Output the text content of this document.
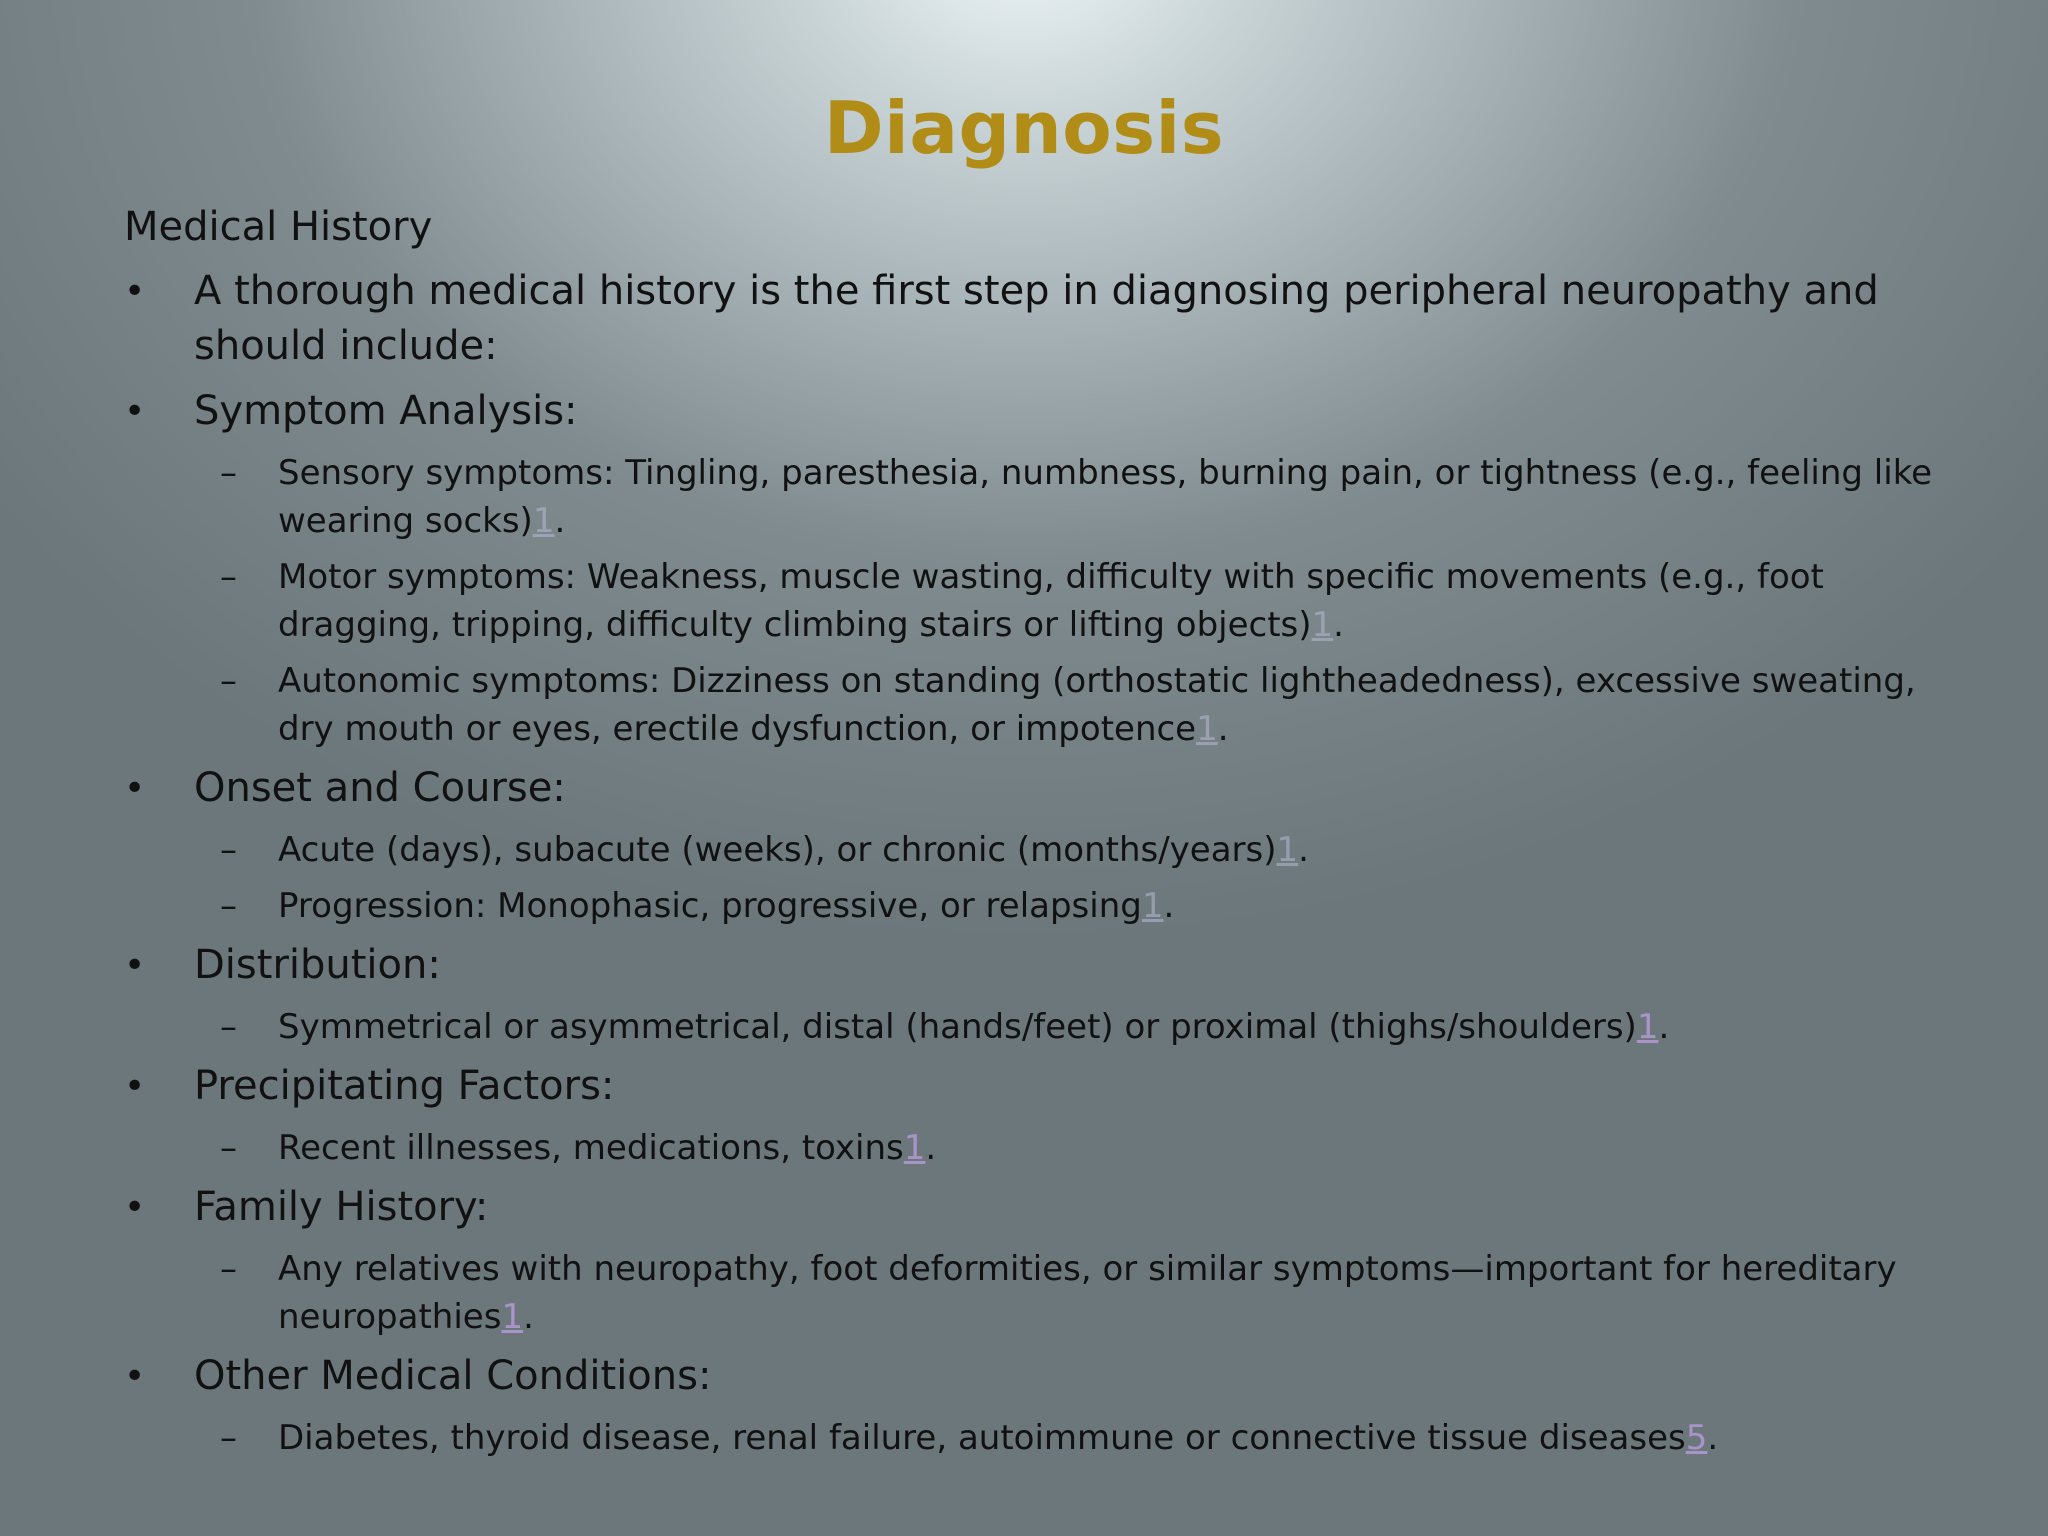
Diagnosis
Medical History
• A thorough medical history is the first step in diagnosing peripheral neuropathy and should include:
• Symptom Analysis:
– Sensory symptoms: Tingling, paresthesia, numbness, burning pain, or tightness (e.g., feeling like wearing socks)1.
– Motor symptoms: Weakness, muscle wasting, difficulty with specific movements (e.g., foot dragging, tripping, difficulty climbing stairs or lifting objects)1.
– Autonomic symptoms: Dizziness on standing (orthostatic lightheadedness), excessive sweating, dry mouth or eyes, erectile dysfunction, or impotence1.
• Onset and Course:
– Acute (days), subacute (weeks), or chronic (months/years)1.
– Progression: Monophasic, progressive, or relapsing1.
• Distribution:
– Symmetrical or asymmetrical, distal (hands/feet) or proximal (thighs/shoulders)1.
• Precipitating Factors:
– Recent illnesses, medications, toxins1.
• Family History:
– Any relatives with neuropathy, foot deformities, or similar symptoms—important for hereditary neuropathies1.
• Other Medical Conditions:
– Diabetes, thyroid disease, renal failure, autoimmune or connective tissue diseases5.
